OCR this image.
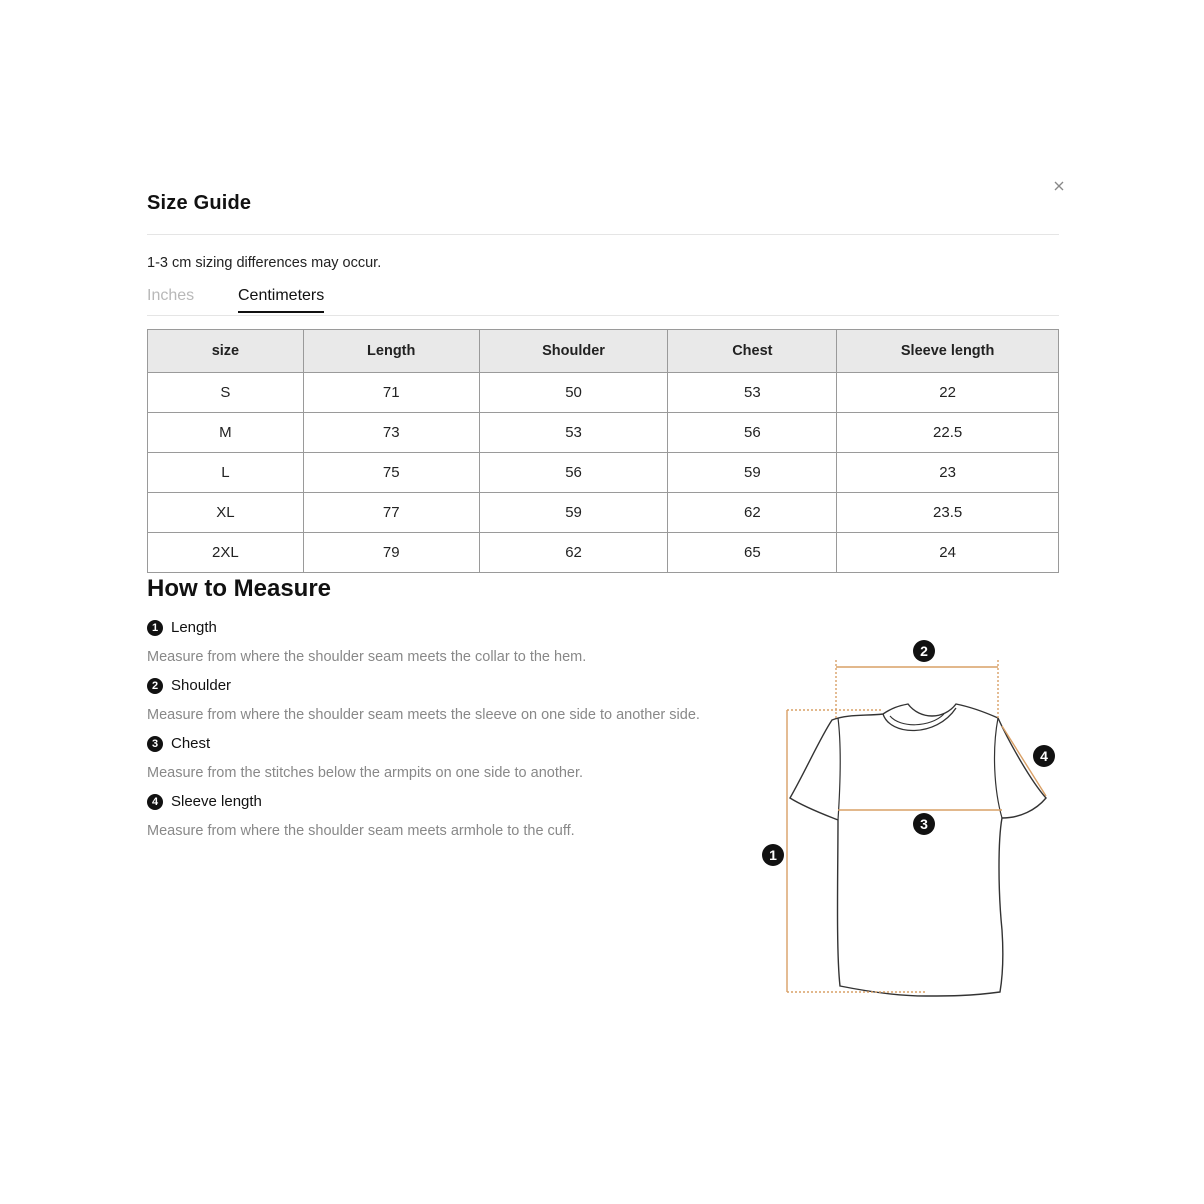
Size Guide
1-3 cm sizing differences may occur.
Inches	Centimeters
size	Length	Shoulder	Chest	Sleeve length
S	71	50	53	22
M	73	53	56	22.5
L	75	56	59	23
XL	77	59	62	23.5
2XL	79	62	65	24
How to Measure
1 Length
Measure from where the shoulder seam meets the collar to the hem.
2 Shoulder
Measure from where the shoulder seam meets the sleeve on one side to another side.
3 Chest
Measure from the stitches below the armpits on one side to another.
4 Sleeve length
Measure from where the shoulder seam meets armhole to the cuff.
1
2
3
4
